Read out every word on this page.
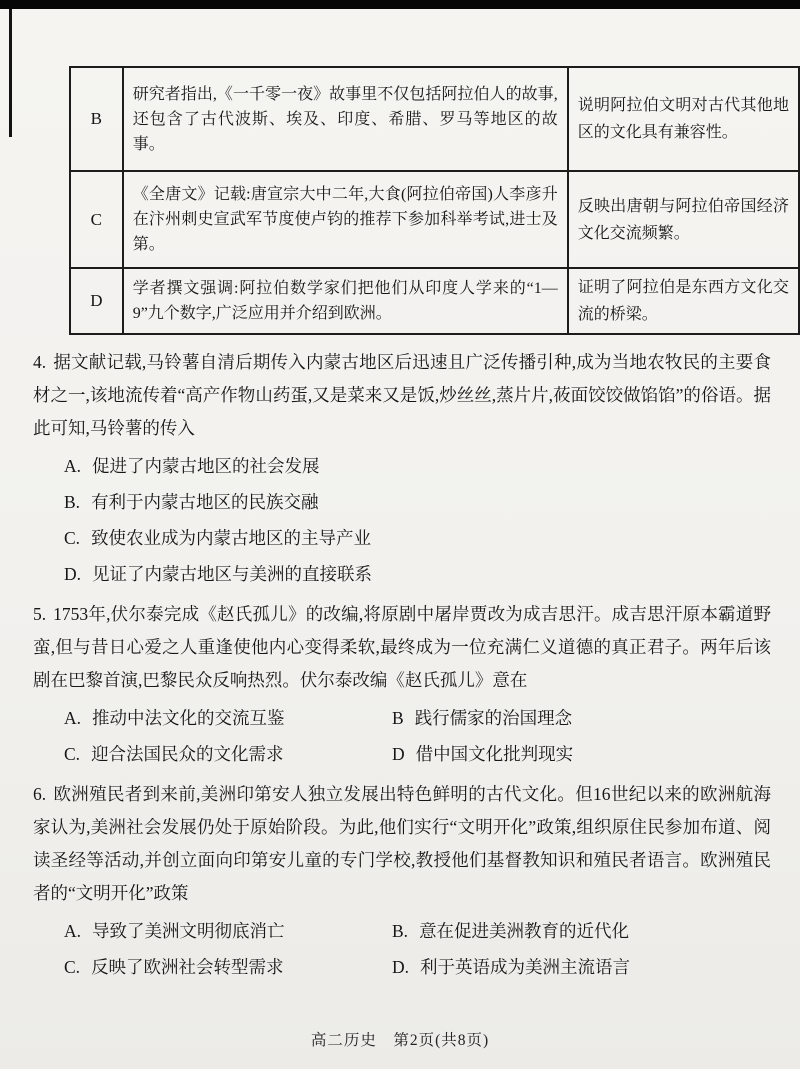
B	研究者指出,《一千零一夜》故事里不仅包括阿拉伯人的故事,还包含了古代波斯、埃及、印度、希腊、罗马等地区的故事。	说明阿拉伯文明对古代其他地区的文化具有兼容性。
C	《全唐文》记载:唐宣宗大中二年,大食(阿拉伯帝国)人李彦升在汴州刺史宣武军节度使卢钧的推荐下参加科举考试,进士及第。	反映出唐朝与阿拉伯帝国经济文化交流频繁。
D	学者撰文强调:阿拉伯数学家们把他们从印度人学来的“1—9”九个数字,广泛应用并介绍到欧洲。	证明了阿拉伯是东西方文化交流的桥梁。
4. 据文献记载,马铃薯自清后期传入内蒙古地区后迅速且广泛传播引种,成为当地农牧民的主要食材之一,该地流传着“高产作物山药蛋,又是菜来又是饭,炒丝丝,蒸片片,莜面饺饺做馅馅”的俗语。据此可知,马铃薯的传入
A. 促进了内蒙古地区的社会发展
B. 有利于内蒙古地区的民族交融
C. 致使农业成为内蒙古地区的主导产业
D. 见证了内蒙古地区与美洲的直接联系
5. 1753年,伏尔泰完成《赵氏孤儿》的改编,将原剧中屠岸贾改为成吉思汗。成吉思汗原本霸道野蛮,但与昔日心爱之人重逢使他内心变得柔软,最终成为一位充满仁义道德的真正君子。两年后该剧在巴黎首演,巴黎民众反响热烈。伏尔泰改编《赵氏孤儿》意在
A. 推动中法文化的交流互鉴	B 践行儒家的治国理念
C. 迎合法国民众的文化需求	D 借中国文化批判现实
6. 欧洲殖民者到来前,美洲印第安人独立发展出特色鲜明的古代文化。但16世纪以来的欧洲航海家认为,美洲社会发展仍处于原始阶段。为此,他们实行“文明开化”政策,组织原住民参加布道、阅读圣经等活动,并创立面向印第安儿童的专门学校,教授他们基督教知识和殖民者语言。欧洲殖民者的“文明开化”政策
A. 导致了美洲文明彻底消亡	B. 意在促进美洲教育的近代化
C. 反映了欧洲社会转型需求	D. 利于英语成为美洲主流语言
高二历史　第2页(共8页)
